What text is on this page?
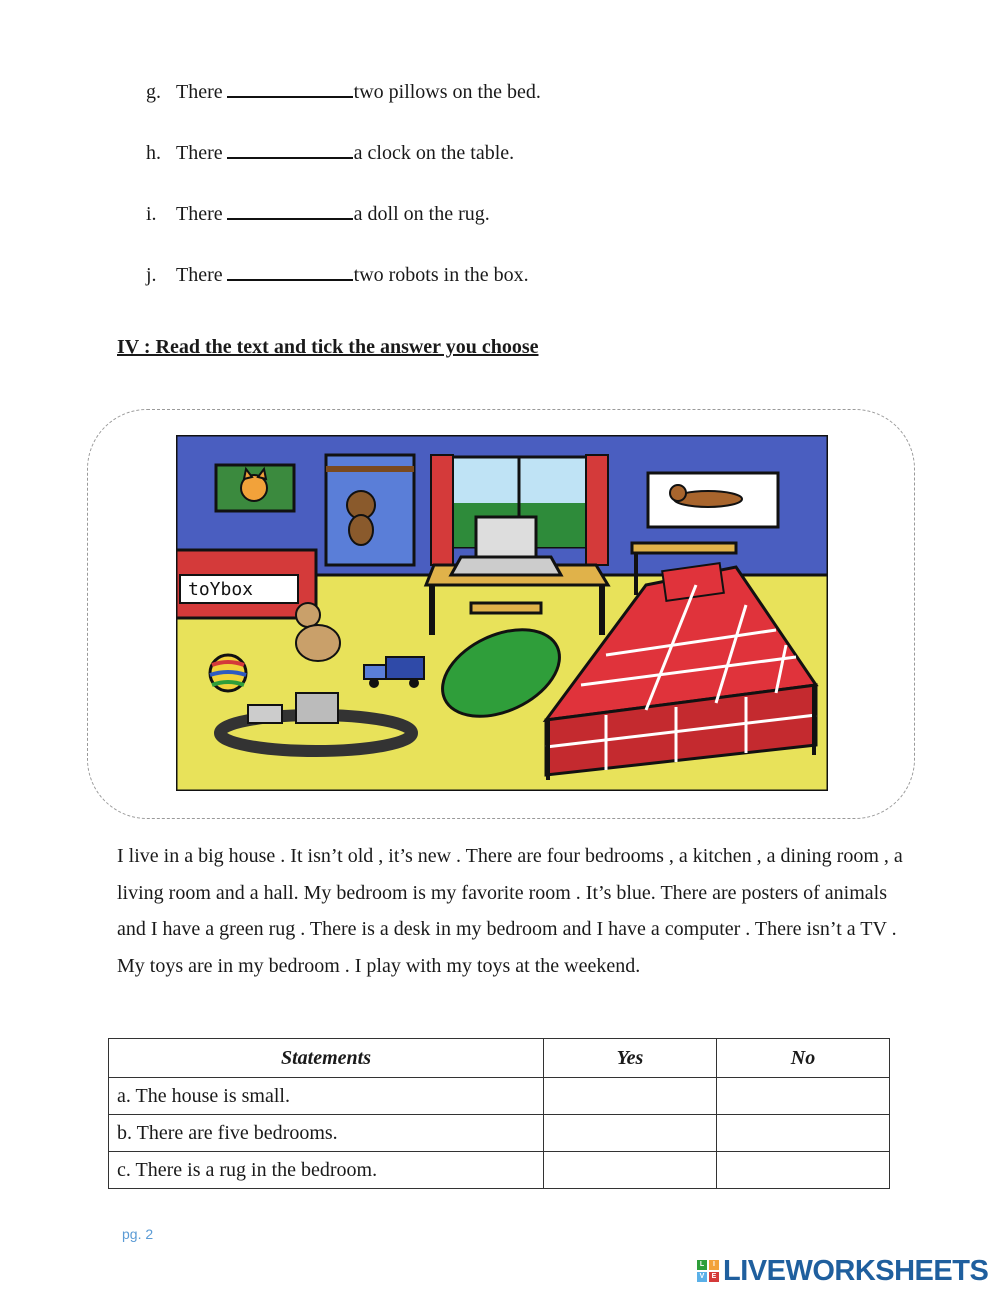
g. There	two pillows on the bed.
h. There	a clock on the table.
i. There	a doll on the rug.
j. There	two robots in the box.
IV : Read the text and tick the answer you choose
toYbox
I live in a big house . It isn’t old , it’s new . There are four bedrooms , a kitchen , a dining room , a living room and a hall. My bedroom is my favorite room . It’s blue. There are posters of animals and I have a green rug . There is a desk in my bedroom and I have a computer . There isn’t a TV . My toys are in my bedroom . I play with my toys at the weekend.
Statements	Yes	No
a. The house is small.		
b. There are five bedrooms.		
c. There is a rug in the bedroom.		
pg. 2
L	I
V	E LIVEWORKSHEETS
